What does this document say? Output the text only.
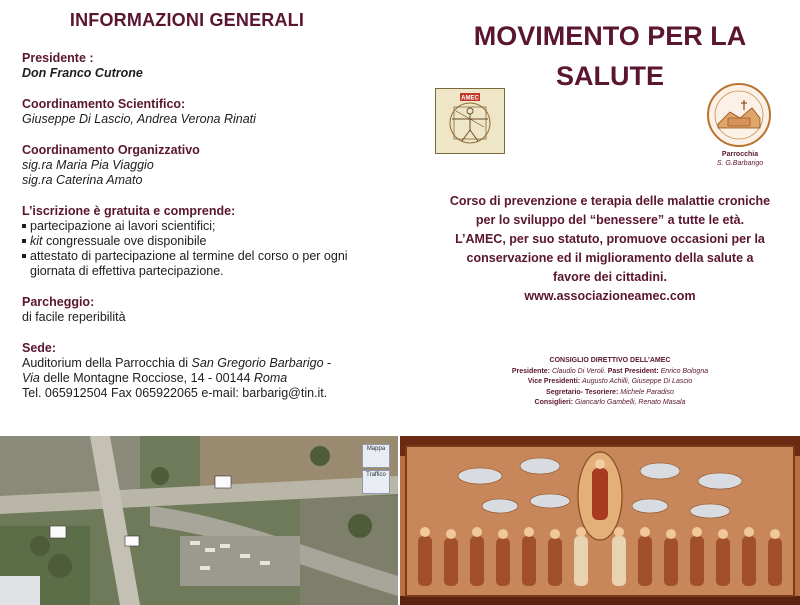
INFORMAZIONI GENERALI
Presidente :
Don Franco Cutrone
Coordinamento Scientifico:
Giuseppe Di Lascio, Andrea Verona Rinati
Coordinamento Organizzativo
sig.ra Maria Pia Viaggio
sig.ra Caterina Amato
L’iscrizione è gratuita e comprende:
partecipazione ai lavori scientifici;
kit congressuale ove disponibile
attestato di partecipazione al termine del corso o per ogni
giornata di effettiva partecipazione.
Parcheggio:
di facile reperibilità
Sede:
Auditorium della Parrocchia di San Gregorio Barbarigo -
Via delle Montagne Rocciose, 14 - 00144 Roma
Tel. 065912504 Fax 065922065 e-mail: barbarig@tin.it.
MOVIMENTO PER LA
SALUTE
AMEC
Parrocchia
S. G.Barbarigo
Corso di prevenzione e terapia delle malattie croniche
per lo sviluppo del “benessere” a tutte le età.
L’AMEC, per suo statuto, promuove occasioni per la
conservazione ed il miglioramento della salute a
favore dei cittadini.
www.associazioneamec.com
CONSIGLIO DIRETTIVO DELL’AMEC
Presidente: Claudio Di Veroli. Past President: Enrico Bologna
Vice Presidenti: Augusto Achilli, Giuseppe Di Lascio
Segretario- Tesoriere: Michele Paradiso
Consiglieri: Giancarlo Gambelli, Renato Masala
Mappa
Traffico
